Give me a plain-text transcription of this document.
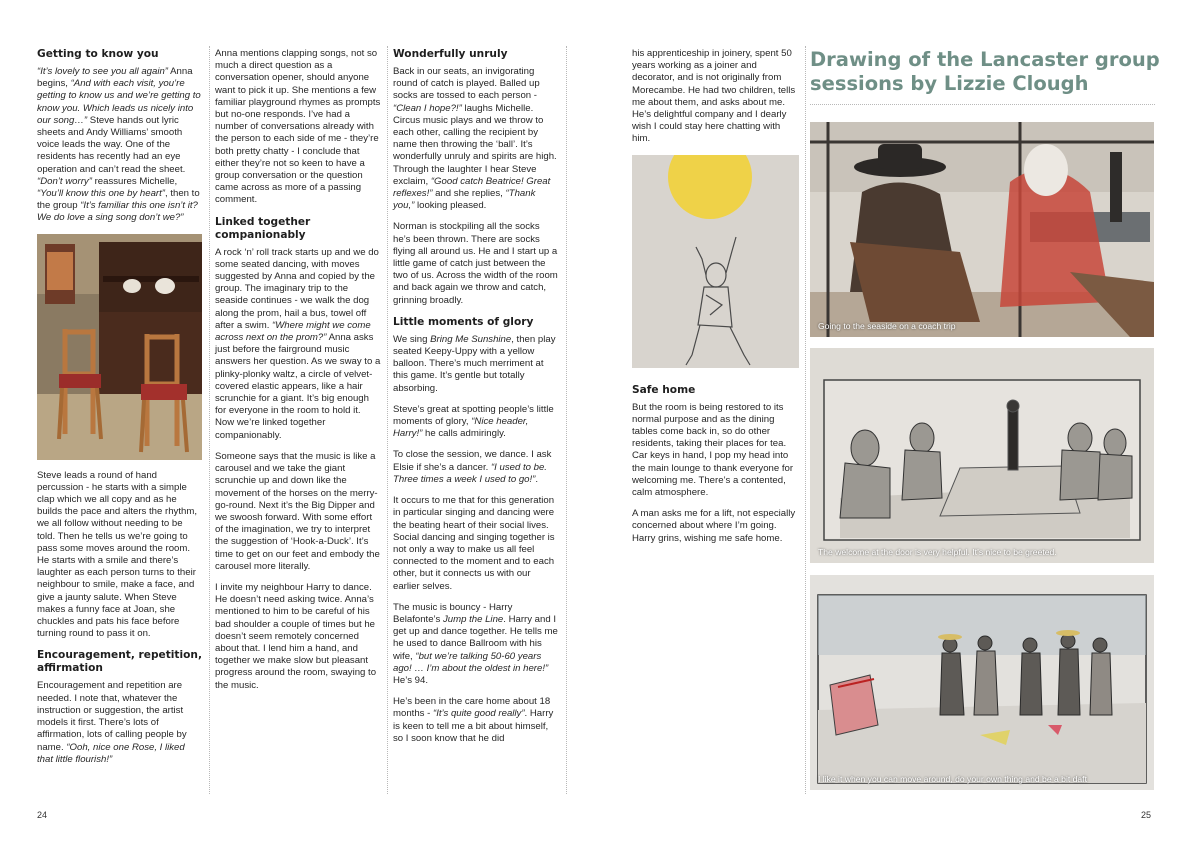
Getting to know you

“It’s lovely to see you all again” Anna begins, “And with each visit, you’re getting to know us and we’re getting to know you. Which leads us nicely into our song…” Steve hands out lyric sheets and Andy Williams’ smooth voice leads the way. One of the residents has recently had an eye operation and can’t read the sheet. “Don’t worry” reassures Michelle, “You’ll know this one by heart”, then to the group “It’s familiar this one isn’t it? We do love a sing song don’t we?”

Steve leads a round of hand percussion - he starts with a simple clap which we all copy and as he builds the pace and alters the rhythm, we all follow without needing to be told. Then he tells us we’re going to pass some moves around the room. He starts with a smile and there’s laughter as each person turns to their neighbour to smile, make a face, and give a jaunty salute. When Steve makes a funny face at Joan, she chuckles and pats his face before turning round to pass it on.

Encouragement, repetition, affirmation

Encouragement and repetition are needed. I note that, whatever the instruction or suggestion, the artist models it first. There’s lots of affirmation, lots of calling people by name. “Ooh, nice one Rose, I liked that little flourish!”

Anna mentions clapping songs, not so much a direct question as a conversation opener, should anyone want to pick it up. She mentions a few familiar playground rhymes as prompts but no-one responds. I’ve had a number of conversations already with the person to each side of me - they’re both pretty chatty - I conclude that either they’re not so keen to have a group conversation or the question came across as more of a passing comment.

Linked together companionably

A rock ‘n’ roll track starts up and we do some seated dancing, with moves suggested by Anna and copied by the group. The imaginary trip to the seaside continues - we walk the dog along the prom, hail a bus, towel off after a swim. “Where might we come across next on the prom?” Anna asks just before the fairground music answers her question. As we sway to a plinky-plonky waltz, a circle of velvet-covered elastic appears, like a hair scrunchie for a giant. It’s big enough for everyone in the room to hold it. Now we’re linked together companionably.

Someone says that the music is like a carousel and we take the giant scrunchie up and down like the movement of the horses on the merry-go-round. Next it’s the Big Dipper and we swoosh forward. With some effort of the imagination, we try to interpret the suggestion of ‘Hook-a-Duck’. It’s time to get on our feet and embody the carousel more literally.

I invite my neighbour Harry to dance. He doesn’t need asking twice. Anna’s mentioned to him to be careful of his bad shoulder a couple of times but he doesn’t seem remotely concerned about that. I lend him a hand, and together we make slow but pleasant progress around the room, swaying to the music.

Wonderfully unruly

Back in our seats, an invigorating round of catch is played. Balled up socks are tossed to each person - “Clean I hope?!” laughs Michelle. Circus music plays and we throw to each other, calling the recipient by name then throwing the ‘ball’. It’s wonderfully unruly and spirits are high. Through the laughter I hear Steve exclaim, “Good catch Beatrice! Great reflexes!” and she replies, “Thank you,” looking pleased.

Norman is stockpiling all the socks he’s been thrown. There are socks flying all around us. He and I start up a little game of catch just between the two of us. Across the width of the room and back again we throw and catch, grinning broadly.

Little moments of glory

We sing Bring Me Sunshine, then play seated Keepy-Uppy with a yellow balloon. There’s much merriment at this game. It’s gentle but totally absorbing.

Steve’s great at spotting people’s little moments of glory, “Nice header, Harry!” he calls admiringly.

To close the session, we dance. I ask Elsie if she’s a dancer. “I used to be. Three times a week I used to go!”.

It occurs to me that for this generation in particular singing and dancing were the beating heart of their social lives. Social dancing and singing together is not only a way to make us all feel connected to the moment and to each other, but it connects us with our earlier selves.

The music is bouncy - Harry Belafonte’s Jump the Line. Harry and I get up and dance together. He tells me he used to dance Ballroom with his wife, “but we’re talking 50-60 years ago! … I’m about the oldest in here!” He’s 94.

He’s been in the care home about 18 months - “It’s quite good really”. Harry is keen to tell me a bit about himself, so I soon know that he did

his apprenticeship in joinery, spent 50 years working as a joiner and decorator, and is not originally from Morecambe. He had two children, tells me about them, and asks about me. He’s delightful company and I dearly wish I could stay here chatting with him.

Safe home

But the room is being restored to its normal purpose and as the dining tables come back in, so do other residents, taking their places for tea. Car keys in hand, I pop my head into the main lounge to thank everyone for welcoming me. There’s a contented, calm atmosphere.

A man asks me for a lift, not especially concerned about where I’m going. Harry grins, wishing me safe home.

Drawing of the Lancaster group sessions by Lizzie Clough
Going to the seaside on a coach trip
The welcome at the door is very helpful. It’s nice to be greeted.
I like it when you can move around, do your own thing and be a bit daft
24	25
